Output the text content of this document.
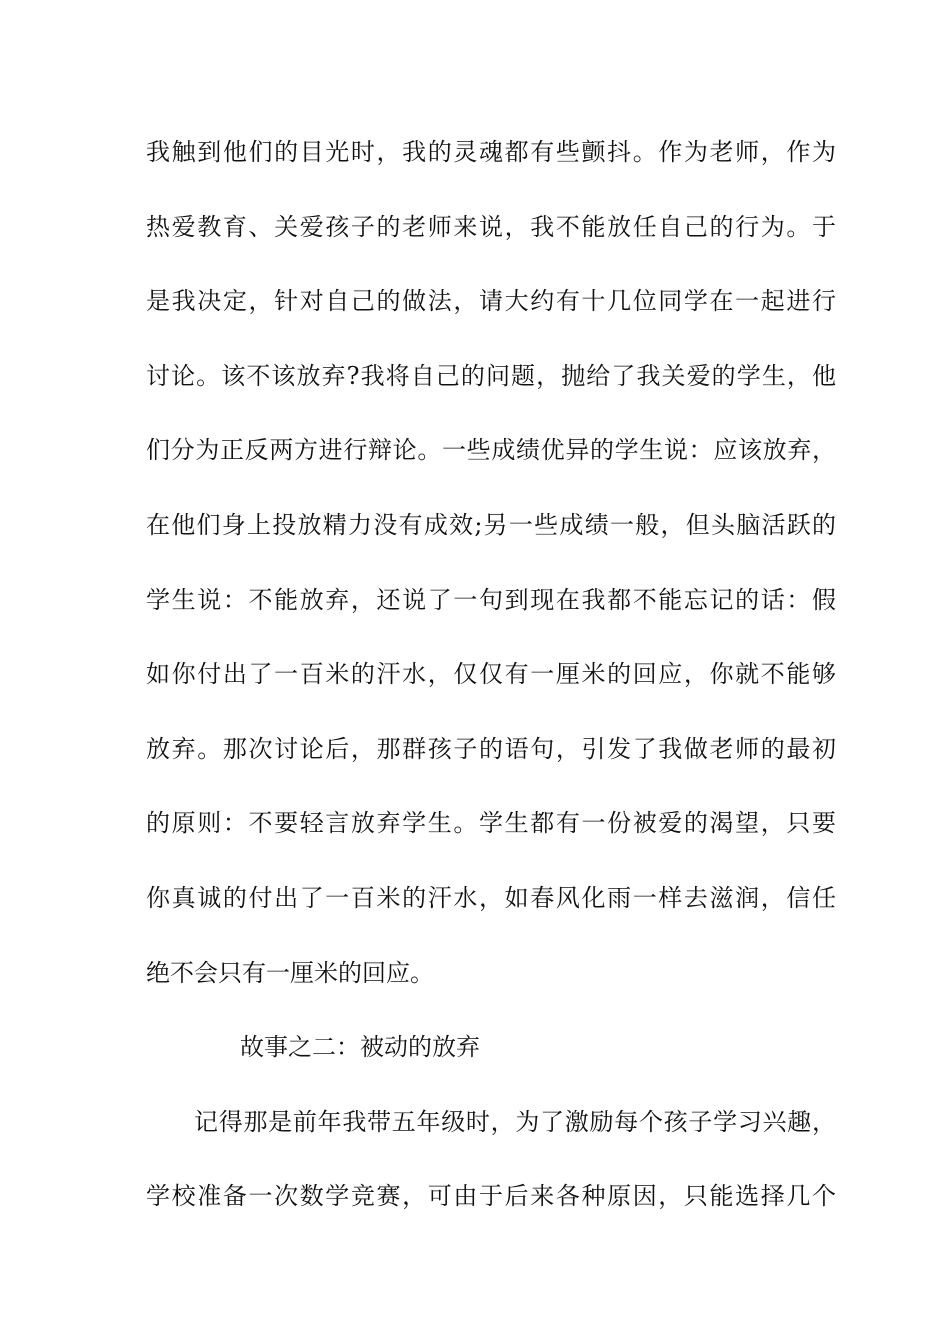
我触到他们的目光时，我的灵魂都有些颤抖。作为老师，作为
热爱教育、关爱孩子的老师来说，我不能放任自己的行为。于
是我决定，针对自己的做法，请大约有十几位同学在一起进行
讨论。该不该放弃?我将自己的问题，抛给了我关爱的学生，他
们分为正反两方进行辩论。一些成绩优异的学生说：应该放弃，
在他们身上投放精力没有成效;另一些成绩一般，但头脑活跃的
学生说：不能放弃，还说了一句到现在我都不能忘记的话：假
如你付出了一百米的汗水，仅仅有一厘米的回应，你就不能够
放弃。那次讨论后，那群孩子的语句，引发了我做老师的最初
的原则：不要轻言放弃学生。学生都有一份被爱的渴望，只要
你真诚的付出了一百米的汗水，如春风化雨一样去滋润，信任
绝不会只有一厘米的回应。
故事之二：被动的放弃
记得那是前年我带五年级时，为了激励每个孩子学习兴趣，
学校准备一次数学竞赛，可由于后来各种原因，只能选择几个
